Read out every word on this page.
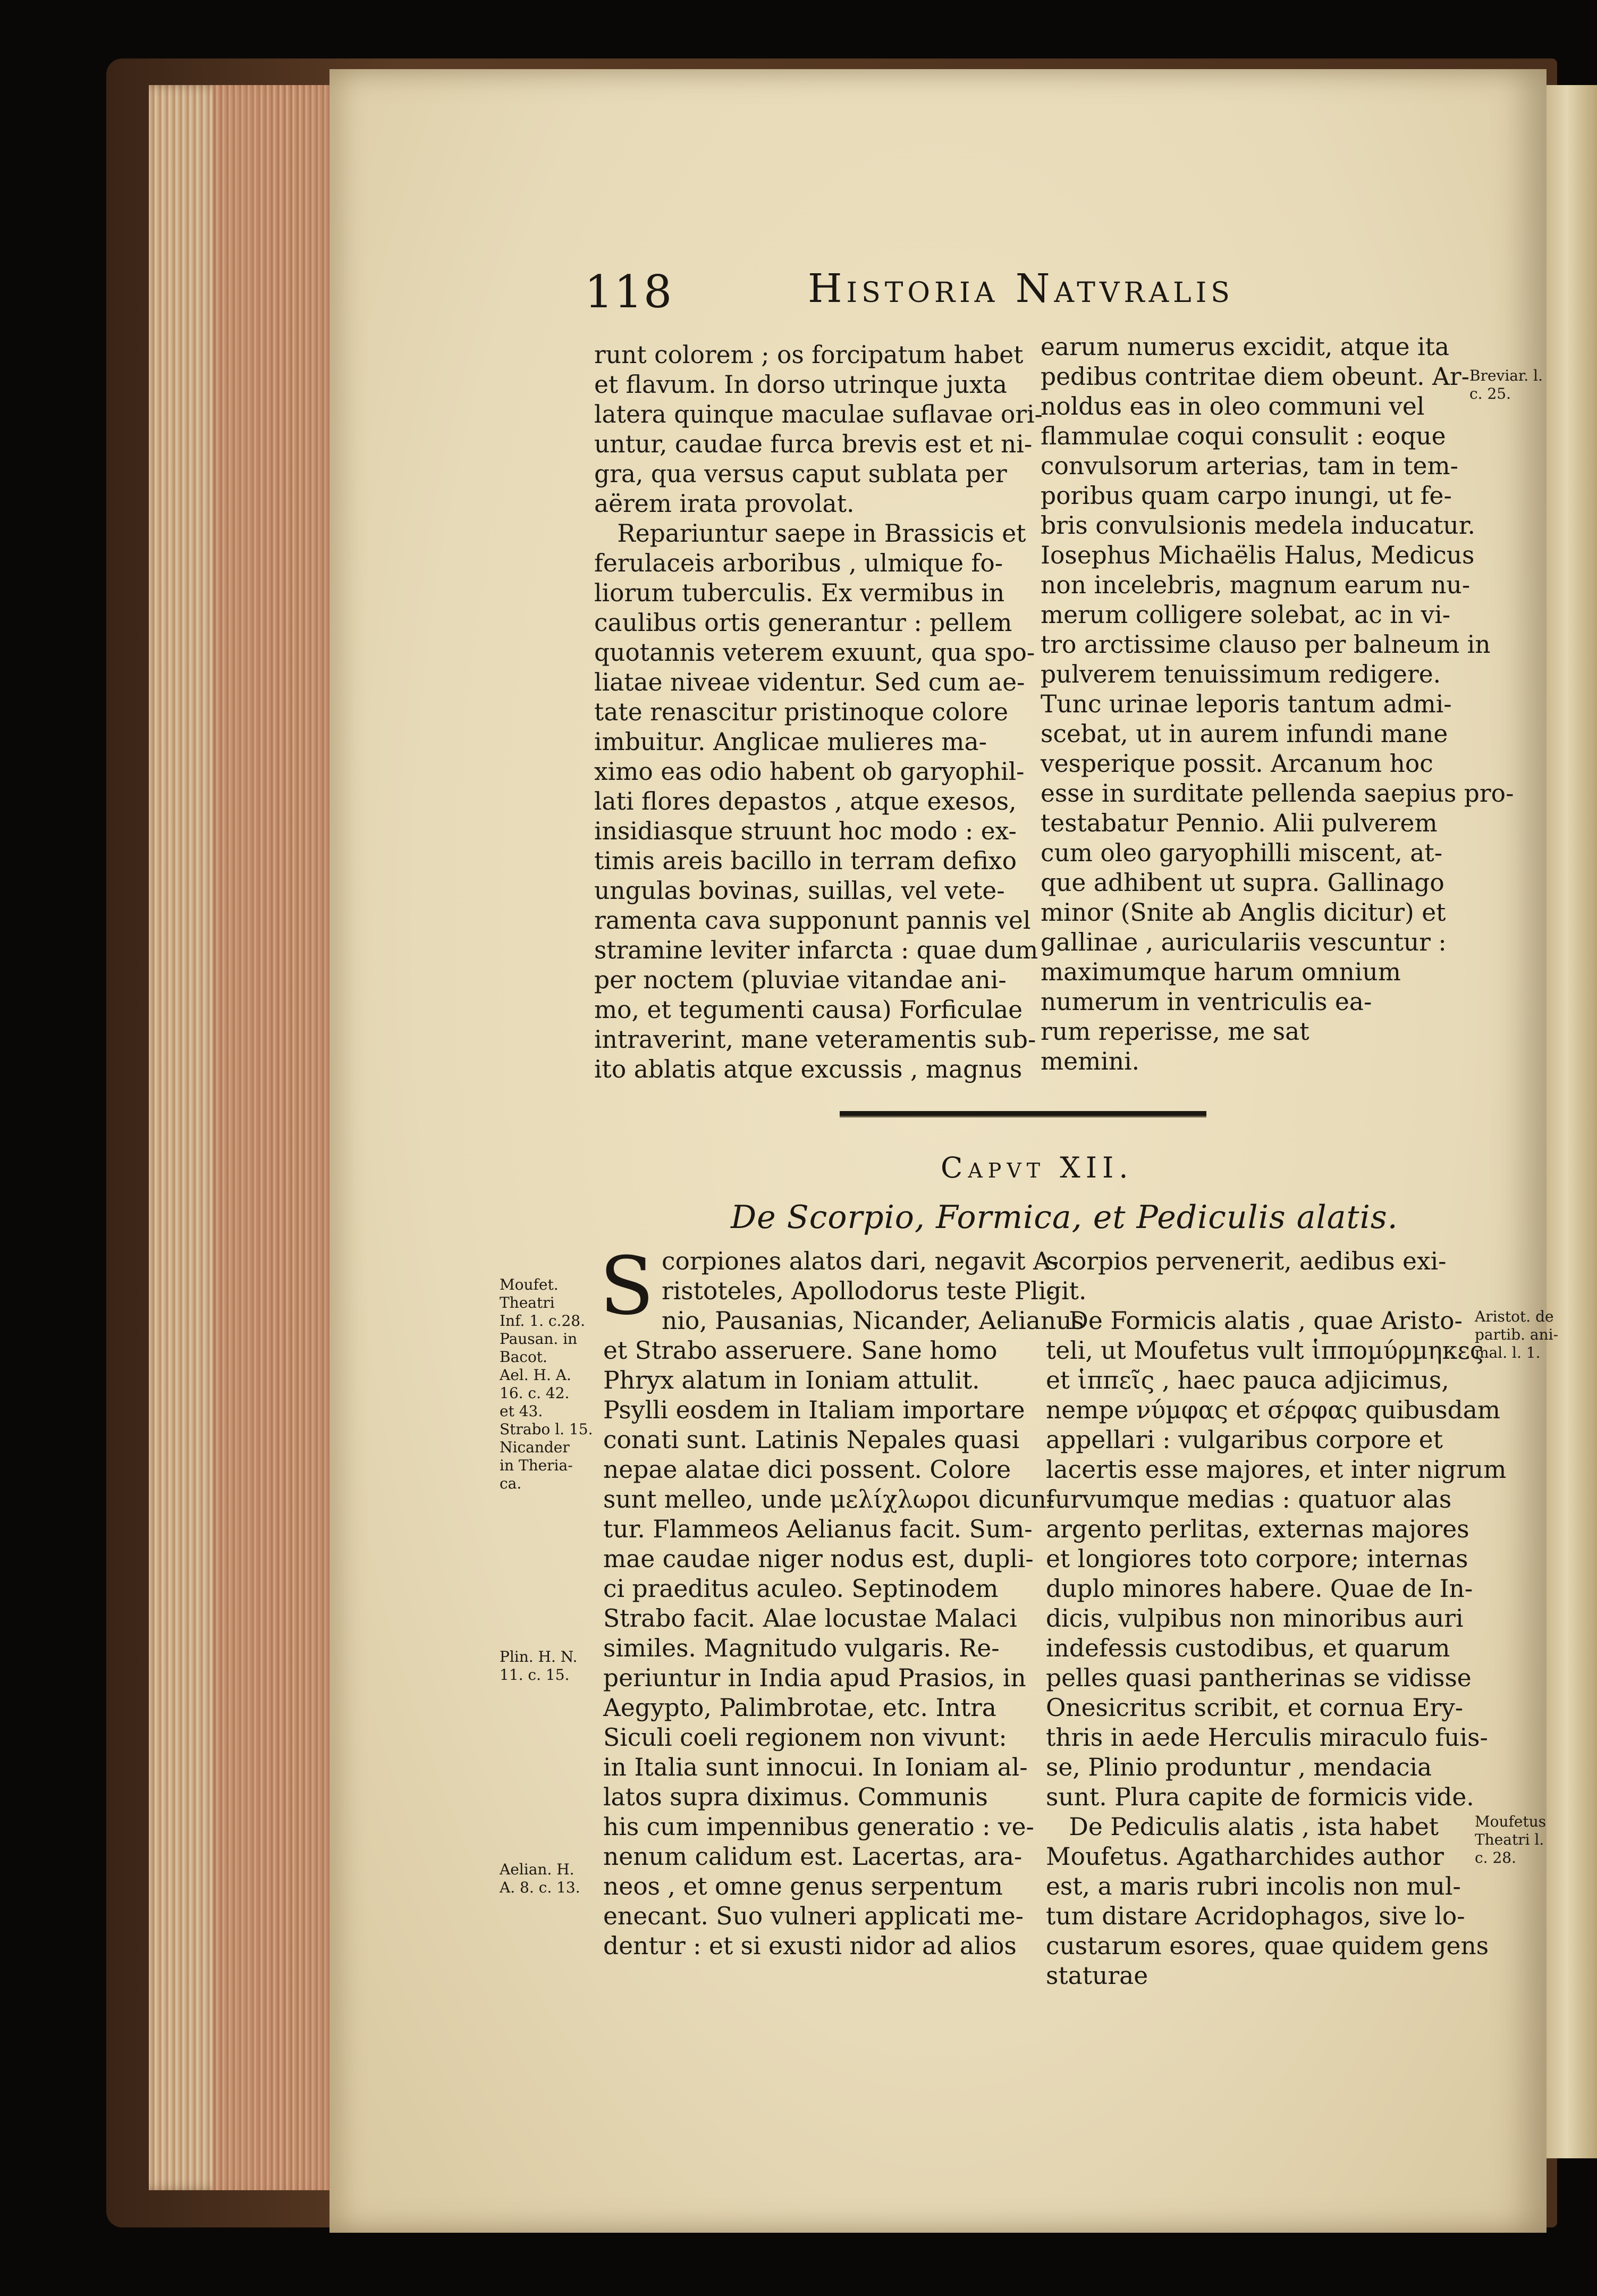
118	Historia Natvralis
runt colorem ; os forcipatum habet
et flavum. In dorso utrinque juxta
latera quinque maculae suflavae ori-
untur, caudae furca brevis est et ni-
gra, qua versus caput sublata per
aërem irata provolat.
Repariuntur saepe in Brassicis et
ferulaceis arboribus , ulmique fo-
liorum tuberculis. Ex vermibus in
caulibus ortis generantur : pellem
quotannis veterem exuunt, qua spo-
liatae niveae videntur. Sed cum ae-
tate renascitur pristinoque colore
imbuitur. Anglicae mulieres ma-
ximo eas odio habent ob garyophil-
lati flores depastos , atque exesos,
insidiasque struunt hoc modo : ex-
timis areis bacillo in terram defixo
ungulas bovinas, suillas, vel vete-
ramenta cava supponunt pannis vel
stramine leviter infarcta : quae dum
per noctem (pluviae vitandae ani-
mo, et tegumenti causa) Forficulae
intraverint, mane veteramentis sub-
ito ablatis atque excussis , magnus
earum numerus excidit, atque ita
pedibus contritae diem obeunt. Ar-
noldus eas in oleo communi vel
flammulae coqui consulit : eoque
convulsorum arterias, tam in tem-
poribus quam carpo inungi, ut fe-
bris convulsionis medela inducatur.
Iosephus Michaëlis Halus, Medicus
non incelebris, magnum earum nu-
merum colligere solebat, ac in vi-
tro arctissime clauso per balneum in
pulverem tenuissimum redigere.
Tunc urinae leporis tantum admi-
scebat, ut in aurem infundi mane
vesperique possit. Arcanum hoc
esse in surditate pellenda saepius pro-
testabatur Pennio. Alii pulverem
cum oleo garyophilli miscent, at-
que adhibent ut supra. Gallinago
minor (Snite ab Anglis dicitur) et
gallinae , auriculariis vescuntur :
maximumque harum omnium
numerum in ventriculis ea-
rum reperisse, me sat
memini.
Breviar. l.
c. 25.
Capvt XII.
De Scorpio, Formica, et Pediculis alatis.
S corpiones alatos dari, negavit A-
ristoteles, Apollodorus teste Pli-
nio, Pausanias, Nicander, Aelianus
et Strabo asseruere. Sane homo
Phryx alatum in Ioniam attulit.
Psylli eosdem in Italiam importare
conati sunt. Latinis Nepales quasi
nepae alatae dici possent. Colore
sunt melleo, unde μελίχλωροι dicun-
tur. Flammeos Aelianus facit. Sum-
mae caudae niger nodus est, dupli-
ci praeditus aculeo. Septinodem
Strabo facit. Alae locustae Malaci
similes. Magnitudo vulgaris. Re-
periuntur in India apud Prasios, in
Aegypto, Palimbrotae, etc. Intra
Siculi coeli regionem non vivunt:
in Italia sunt innocui. In Ioniam al-
latos supra diximus. Communis
his cum impennibus generatio : ve-
nenum calidum est. Lacertas, ara-
neos , et omne genus serpentum
enecant. Suo vulneri applicati me-
dentur : et si exusti nidor ad alios
scorpios pervenerit, aedibus exi-
git.
De Formicis alatis , quae Aristo-
teli, ut Moufetus vult ἱπποµύρµηκες
et ἱππεῖς , haec pauca adjicimus,
nempe νύµφας et σέρφας quibusdam
appellari : vulgaribus corpore et
lacertis esse majores, et inter nigrum
furvumque medias : quatuor alas
argento perlitas, externas majores
et longiores toto corpore; internas
duplo minores habere. Quae de In-
dicis, vulpibus non minoribus auri
indefessis custodibus, et quarum
pelles quasi pantherinas se vidisse
Onesicritus scribit, et cornua Ery-
thris in aede Herculis miraculo fuis-
se, Plinio produntur , mendacia
sunt. Plura capite de formicis vide.
De Pediculis alatis , ista habet
Moufetus. Agatharchides author
est, a maris rubri incolis non mul-
tum distare Acridophagos, sive lo-
custarum esores, quae quidem gens
staturae
Moufet.
Theatri
Inf. 1. c.28.
Pausan. in
Bacot.
Ael. H. A.
16. c. 42.
et 43.
Strabo l. 15.
Nicander
in Theria-
ca.
Plin. H. N.
11. c. 15.
Aelian. H.
A. 8. c. 13.
Aristot. de
partib. ani-
mal. l. 1.
Moufetus
Theatri l.
c. 28.
